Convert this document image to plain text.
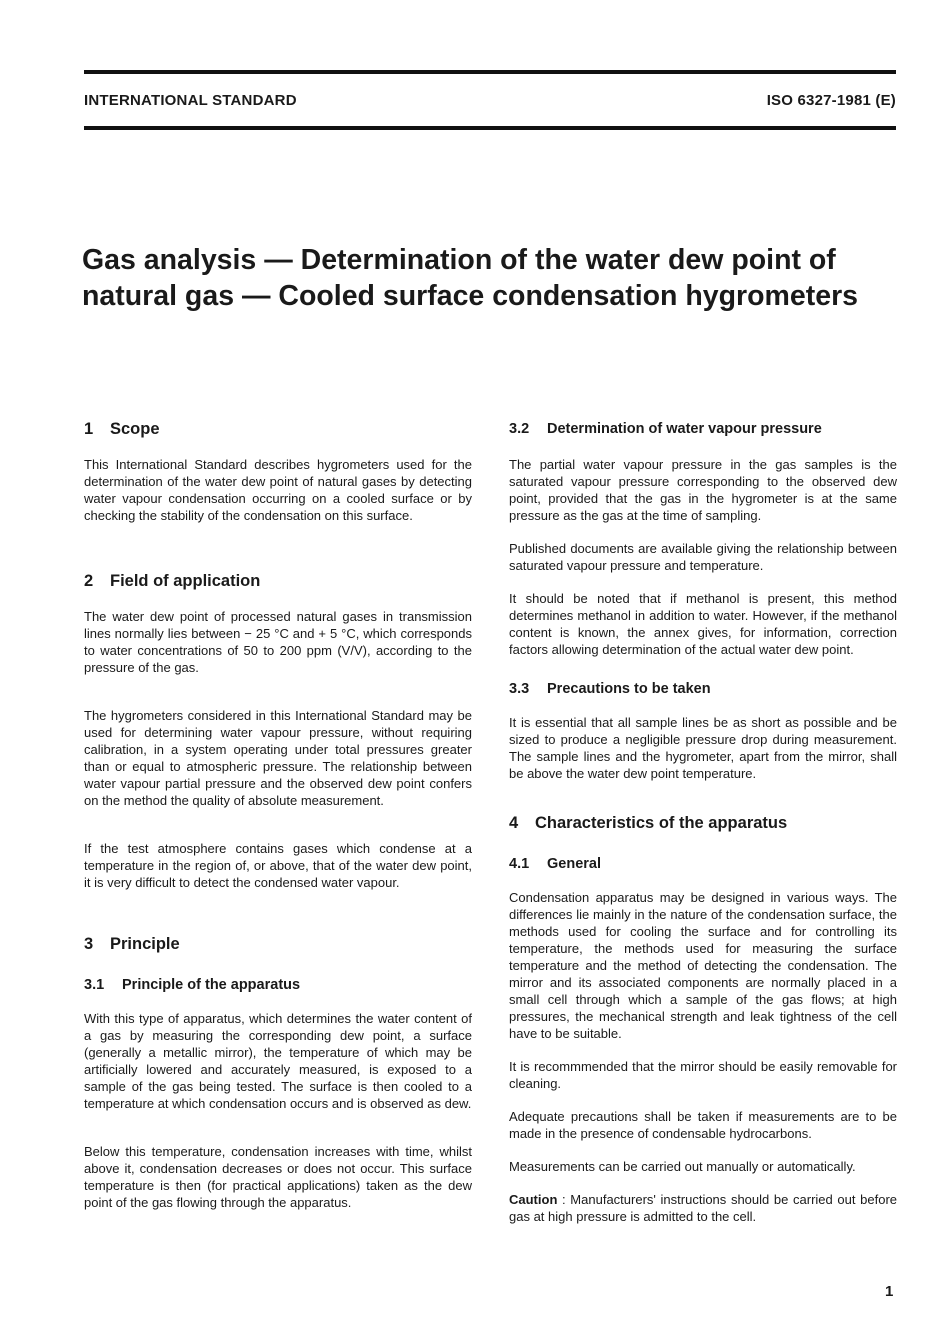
INTERNATIONAL STANDARD	ISO 6327-1981 (E)
Gas analysis — Determination of the water dew point of
natural gas — Cooled surface condensation hygrometers
1 Scope

This International Standard describes hygrometers used for the determination of the water dew point of natural gases by detecting water vapour condensation occurring on a cooled surface or by checking the stability of the condensation on this surface.

2 Field of application

The water dew point of processed natural gases in transmission lines normally lies between − 25 °C and + 5 °C, which corresponds to water concentrations of 50 to 200 ppm (V/V), according to the pressure of the gas.

The hygrometers considered in this International Standard may be used for determining water vapour pressure, without requiring calibration, in a system operating under total pressures greater than or equal to atmospheric pressure. The relationship between water vapour partial pressure and the observed dew point confers on the method the quality of absolute measurement.

If the test atmosphere contains gases which condense at a temperature in the region of, or above, that of the water dew point, it is very difficult to detect the condensed water vapour.

3 Principle
3.1 Principle of the apparatus

With this type of apparatus, which determines the water content of a gas by measuring the corresponding dew point, a surface (generally a metallic mirror), the temperature of which may be artificially lowered and accurately measured, is exposed to a sample of the gas being tested. The surface is then cooled to a temperature at which condensation occurs and is observed as dew.

Below this temperature, condensation increases with time, whilst above it, condensation decreases or does not occur. This surface temperature is then (for practical applications) taken as the dew point of the gas flowing through the apparatus.

3.2 Determination of water vapour pressure

The partial water vapour pressure in the gas samples is the saturated vapour pressure corresponding to the observed dew point, provided that the gas in the hygrometer is at the same pressure as the gas at the time of sampling.

Published documents are available giving the relationship between saturated vapour pressure and temperature.

It should be noted that if methanol is present, this method determines methanol in addition to water. However, if the methanol content is known, the annex gives, for information, correction factors allowing determination of the actual water dew point.

3.3 Precautions to be taken

It is essential that all sample lines be as short as possible and be sized to produce a negligible pressure drop during measurement. The sample lines and the hygrometer, apart from the mirror, shall be above the water dew point temperature.

4 Characteristics of the apparatus
4.1 General

Condensation apparatus may be designed in various ways. The differences lie mainly in the nature of the condensation surface, the methods used for cooling the surface and for controlling its temperature, the methods used for measuring the surface temperature and the method of detecting the condensation. The mirror and its associated components are normally placed in a small cell through which a sample of the gas flows; at high pressures, the mechanical strength and leak tightness of the cell have to be suitable.

It is recommmended that the mirror should be easily removable for cleaning.

Adequate precautions shall be taken if measurements are to be made in the presence of condensable hydrocarbons.

Measurements can be carried out manually or automatically.

Caution : Manufacturers' instructions should be carried out before gas at high pressure is admitted to the cell.

1
